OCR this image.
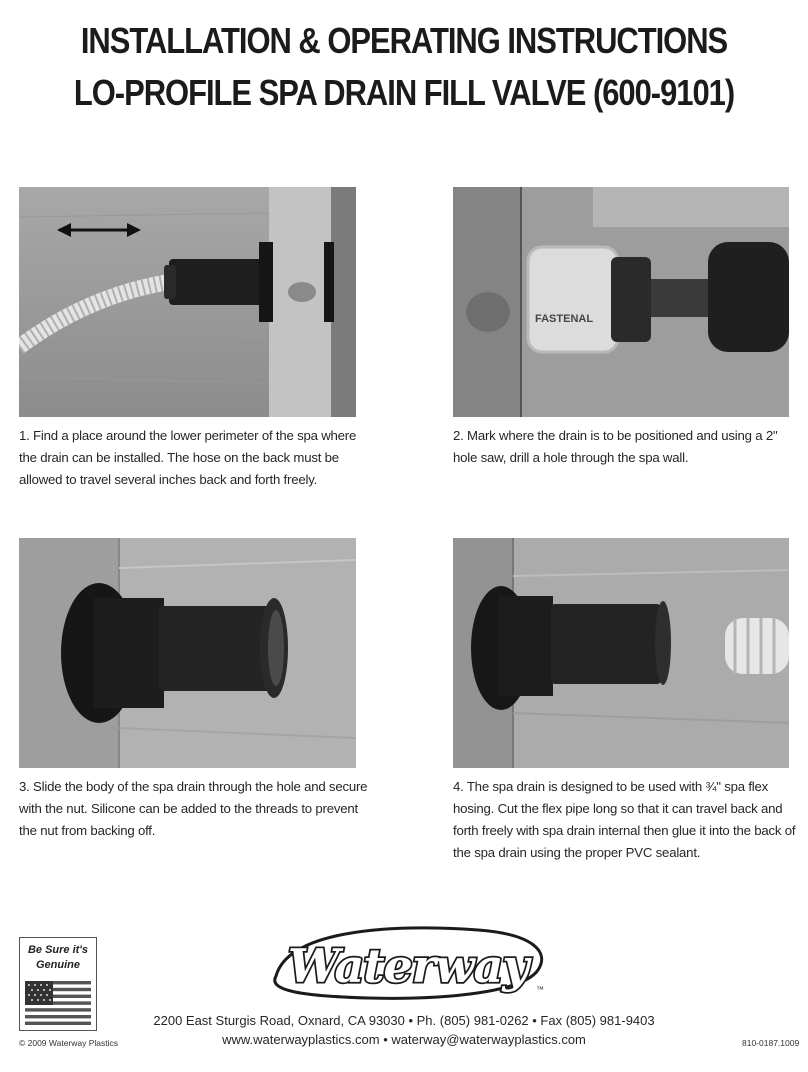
INSTALLATION & OPERATING INSTRUCTIONS
LO-PROFILE SPA DRAIN FILL VALVE (600-9101)
FASTENAL
1. Find a place around the lower perimeter of the spa where the drain can be installed. The hose on the back must be allowed to travel several inches back and forth freely.
2. Mark where the drain is to be positioned and using a 2" hole saw, drill a hole through the spa wall.
3. Slide the body of the spa drain through the hole and secure with the nut. Silicone can be added to the threads to prevent the nut from backing off.
4. The spa drain is designed to be used with ¾" spa flex hosing. Cut the flex pipe long so that it can travel back and forth freely with spa drain internal then glue it into the back of the spa drain using the proper PVC sealant.
Be Sure it's
Genuine	Waterway ™
2200 East Sturgis Road, Oxnard, CA 93030 • Ph. (805) 981-0262 • Fax (805) 981-9403
www.waterwayplastics.com • waterway@waterwayplastics.com
© 2009 Waterway Plastics	810-0187.1009
